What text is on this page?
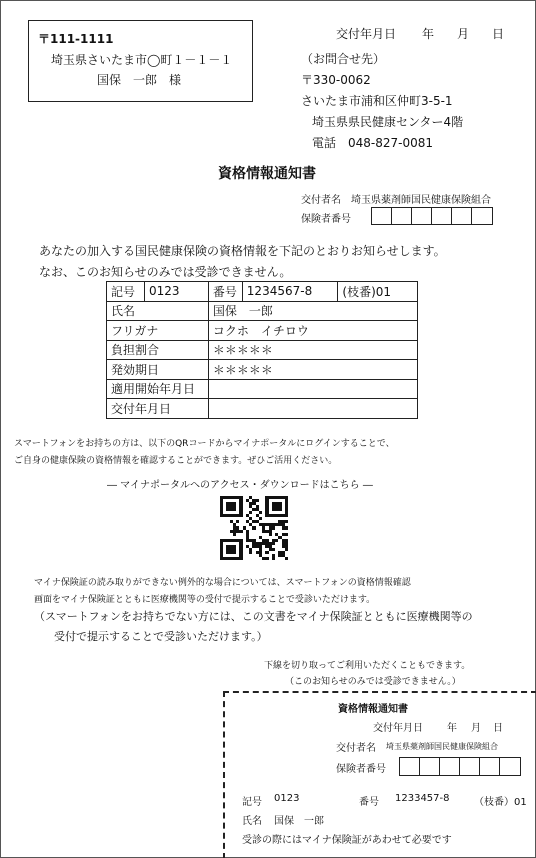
〒111-1111
埼玉県さいたま市◯町１－１－１
国保　一郎　様
交付年月日 年 月 日
（お問合せ先）
〒330-0062
さいたま市浦和区仲町3-5-1
埼玉県県民健康センター4階
電話　048-827-0081
資格情報通知書
交付者名 埼玉県薬剤師国民健康保険組合
保険者番号
あなたの加入する国民健康保険の資格情報を下記のとおりお知らせします。
なお、このお知らせのみでは受診できません。
記号	0123	番号	1234567-8	(枝番)01
氏名		国保　一郎		
フリガナ		コクホ　イチロウ		
負担割合		＊＊＊＊＊		
発効期日		＊＊＊＊＊		
適用開始年月日				
交付年月日				
スマートフォンをお持ちの方は、以下のQRコードからマイナポータルにログインすることで、
ご自身の健康保険の資格情報を確認することができます。ぜひご活用ください。
― マイナポータルへのアクセス・ダウンロードはこちら ―
マイナ保険証の読み取りができない例外的な場合については、スマートフォンの資格情報確認
画面をマイナ保険証とともに医療機関等の受付で提示することで受診いただけます。
（スマートフォンをお持ちでない方には、この文書をマイナ保険証とともに医療機関等の
受付で提示することで受診いただけます。）
下線を切り取ってご利用いただくこともできます。
（このお知らせのみでは受診できません。）
資格情報通知書
交付年月日 年 月 日
交付者名 埼玉県薬剤師国民健康保険組合
保険者番号
記号 0123	番号 1233457-8 （枝番）01
氏名 国保　一郎
受診の際にはマイナ保険証があわせて必要です
